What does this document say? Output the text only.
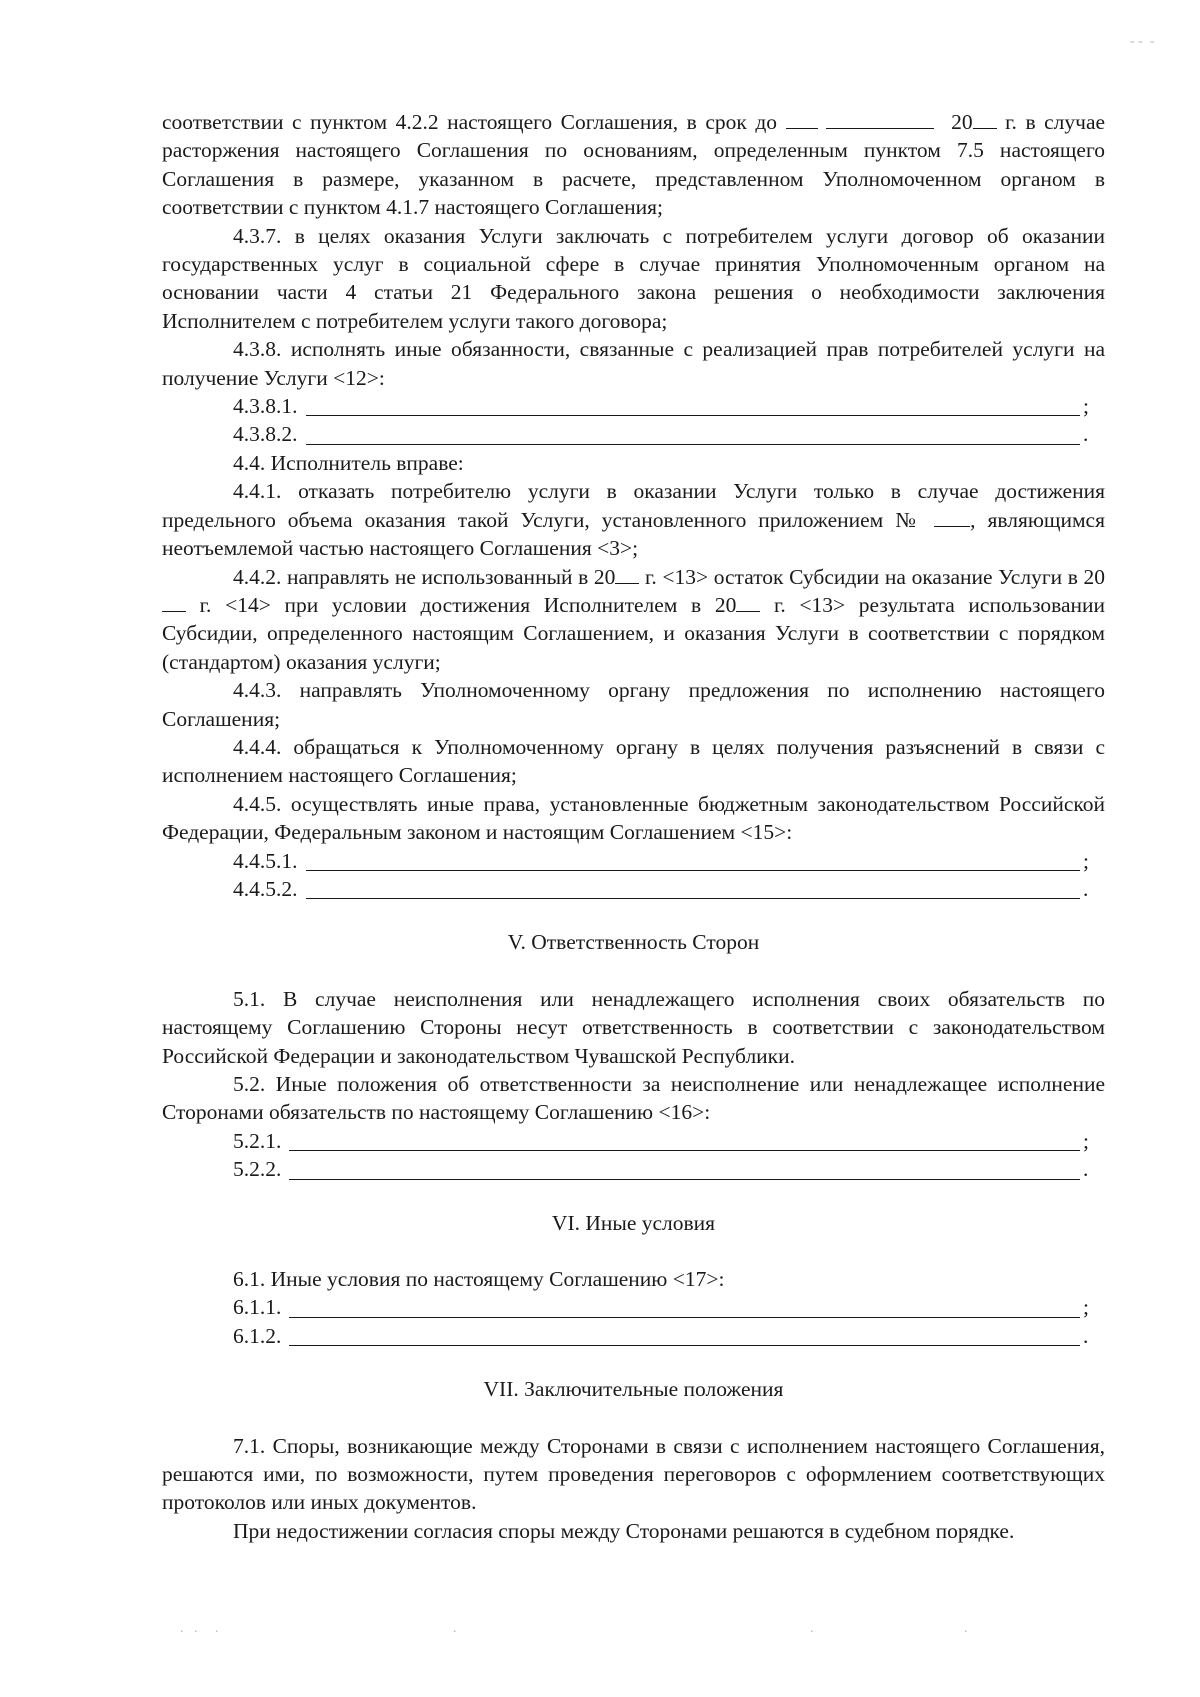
соответствии с пунктом 4.2.2 настоящего Соглашения, в срок до	20 г. в случае расторжения настоящего Соглашения по основаниям, определенным пунктом 7.5 настоящего Соглашения в размере, указанном в расчете, представленном Уполномоченном органом в соответствии с пунктом 4.1.7 настоящего Соглашения;

4.3.7. в целях оказания Услуги заключать с потребителем услуги договор об оказании государственных услуг в социальной сфере в случае принятия Уполномоченным органом на основании части 4 статьи 21 Федерального закона решения о необходимости заключения Исполнителем с потребителем услуги такого договора;

4.3.8. исполнять иные обязанности, связанные с реализацией прав потребителей услуги на получение Услуги <12>:

4.3.8.1.	;
4.3.8.2.	.

4.4. Исполнитель вправе:

4.4.1. отказать потребителю услуги в оказании Услуги только в случае достижения предельного объема оказания такой Услуги, установленного приложением № , являющимся неотъемлемой частью настоящего Соглашения <3>;

4.4.2. направлять не использованный в 20 г. <13> остаток Субсидии на оказание Услуги в 20 г. <14> при условии достижения Исполнителем в 20 г. <13> результата использовании Субсидии, определенного настоящим Соглашением, и оказания Услуги в соответствии с порядком (стандартом) оказания услуги;

4.4.3. направлять Уполномоченному органу предложения по исполнению настоящего Соглашения;

4.4.4. обращаться к Уполномоченному органу в целях получения разъяснений в связи с исполнением настоящего Соглашения;

4.4.5. осуществлять иные права, установленные бюджетным законодательством Российской Федерации, Федеральным законом и настоящим Соглашением <15>:

4.4.5.1.	;
4.4.5.2.	.

V. Ответственность Сторон

5.1. В случае неисполнения или ненадлежащего исполнения своих обязательств по настоящему Соглашению Стороны несут ответственность в соответствии с законодательством Российской Федерации и законодательством Чувашской Республики.

5.2. Иные положения об ответственности за неисполнение или ненадлежащее исполнение Сторонами обязательств по настоящему Соглашению <16>:

5.2.1.	;
5.2.2.	.

VI. Иные условия

6.1. Иные условия по настоящему Соглашению <17>:

6.1.1.	;
6.1.2.	.

VII. Заключительные положения

7.1. Споры, возникающие между Сторонами в связи с исполнением настоящего Соглашения, решаются ими, по возможности, путем проведения переговоров с оформлением соответствующих протоколов или иных документов.

При недостижении согласия споры между Сторонами решаются в судебном порядке.

- -  -
.   .     .                                                                   .                                                                                                     .                                           .
